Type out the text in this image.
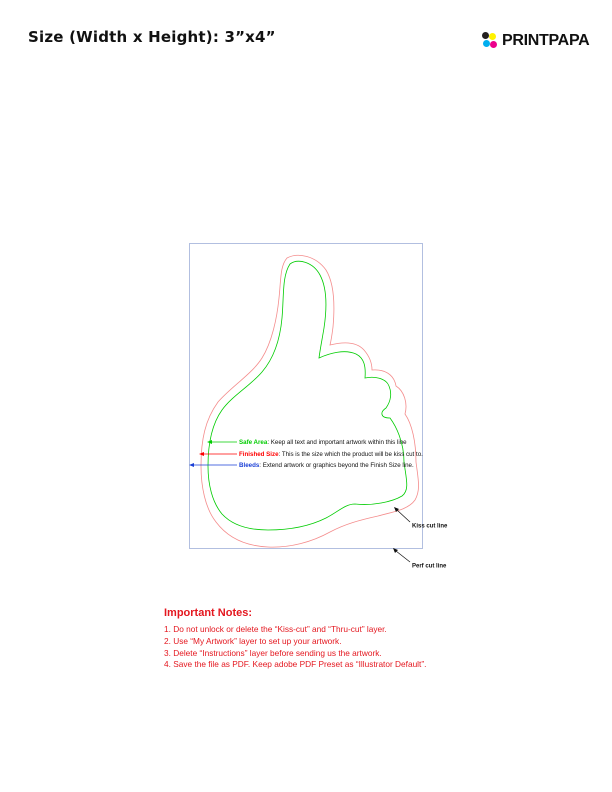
Size (Width x Height): 3”x4”	PRINTPAPA
Safe Area: Keep all text and important artwork within this line
Finished Size: This is the size which the product will be kiss cut to.
Bleeds: Extend artwork or graphics beyond the Finish Size line.
Kiss cut line
Perf cut line
Important Notes:
1. Do not unlock or delete the “Kiss-cut” and “Thru-cut” layer.
2. Use “My Artwork” layer to set up your artwork.
3. Delete “Instructions” layer before sending us the artwork.
4. Save the file as PDF. Keep adobe PDF Preset as “Illustrator Default”.
